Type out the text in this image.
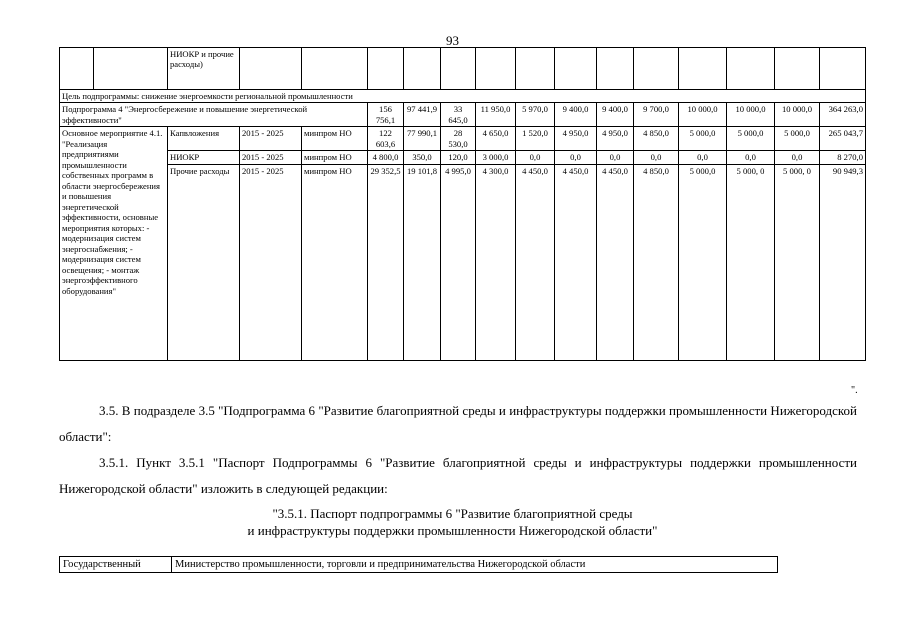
93
		НИОКР и прочие расходы)														
Цель подпрограммы: снижение энергоемкости региональной промышленности																
Подпрограмма 4 "Энергосбережение и повышение энергетической эффективности"					156 756,1	97 441,9	33 645,0	11 950,0	5 970,0	9 400,0	9 400,0	9 700,0	10 000,0	10 000,0	10 000,0	364 263,0
Основное мероприятие 4.1. "Реализация предприятиями промышленности собственных программ в области энергосбережения и повышения энергетической эффективности, основные мероприятия которых: - модернизация систем энергоснабжения; - модернизация систем освещения; - монтаж энергоэффективного оборудования"		Капвложения	2015 - 2025	минпром НО	122 603,6	77 990,1	28 530,0	4 650,0	1 520,0	4 950,0	4 950,0	4 850,0	5 000,0	5 000,0	5 000,0	265 043,7
		НИОКР	2015 - 2025	минпром НО	4 800,0	350,0	120,0	3 000,0	0,0	0,0	0,0	0,0	0,0	0,0	0,0	8 270,0
		Прочие расходы	2015 - 2025	минпром НО	29 352,5	19 101,8	4 995,0	4 300,0	4 450,0	4 450,0	4 450,0	4 850,0	5 000,0	5 000, 0	5 000, 0	90 949,3
".
3.5. В подразделе 3.5 "Подпрограмма 6 "Развитие благоприятной среды и инфраструктуры поддержки промышленности Нижегородской области":
3.5.1. Пункт 3.5.1 "Паспорт Подпрограммы 6 "Развитие благоприятной среды и инфраструктуры поддержки промышленности Нижегородской области" изложить в следующей редакции:
"3.5.1. Паспорт подпрограммы 6 "Развитие благоприятной среды
и инфраструктуры поддержки промышленности Нижегородской области"
Государственный	Министерство промышленности, торговли и предпринимательства Нижегородской области
